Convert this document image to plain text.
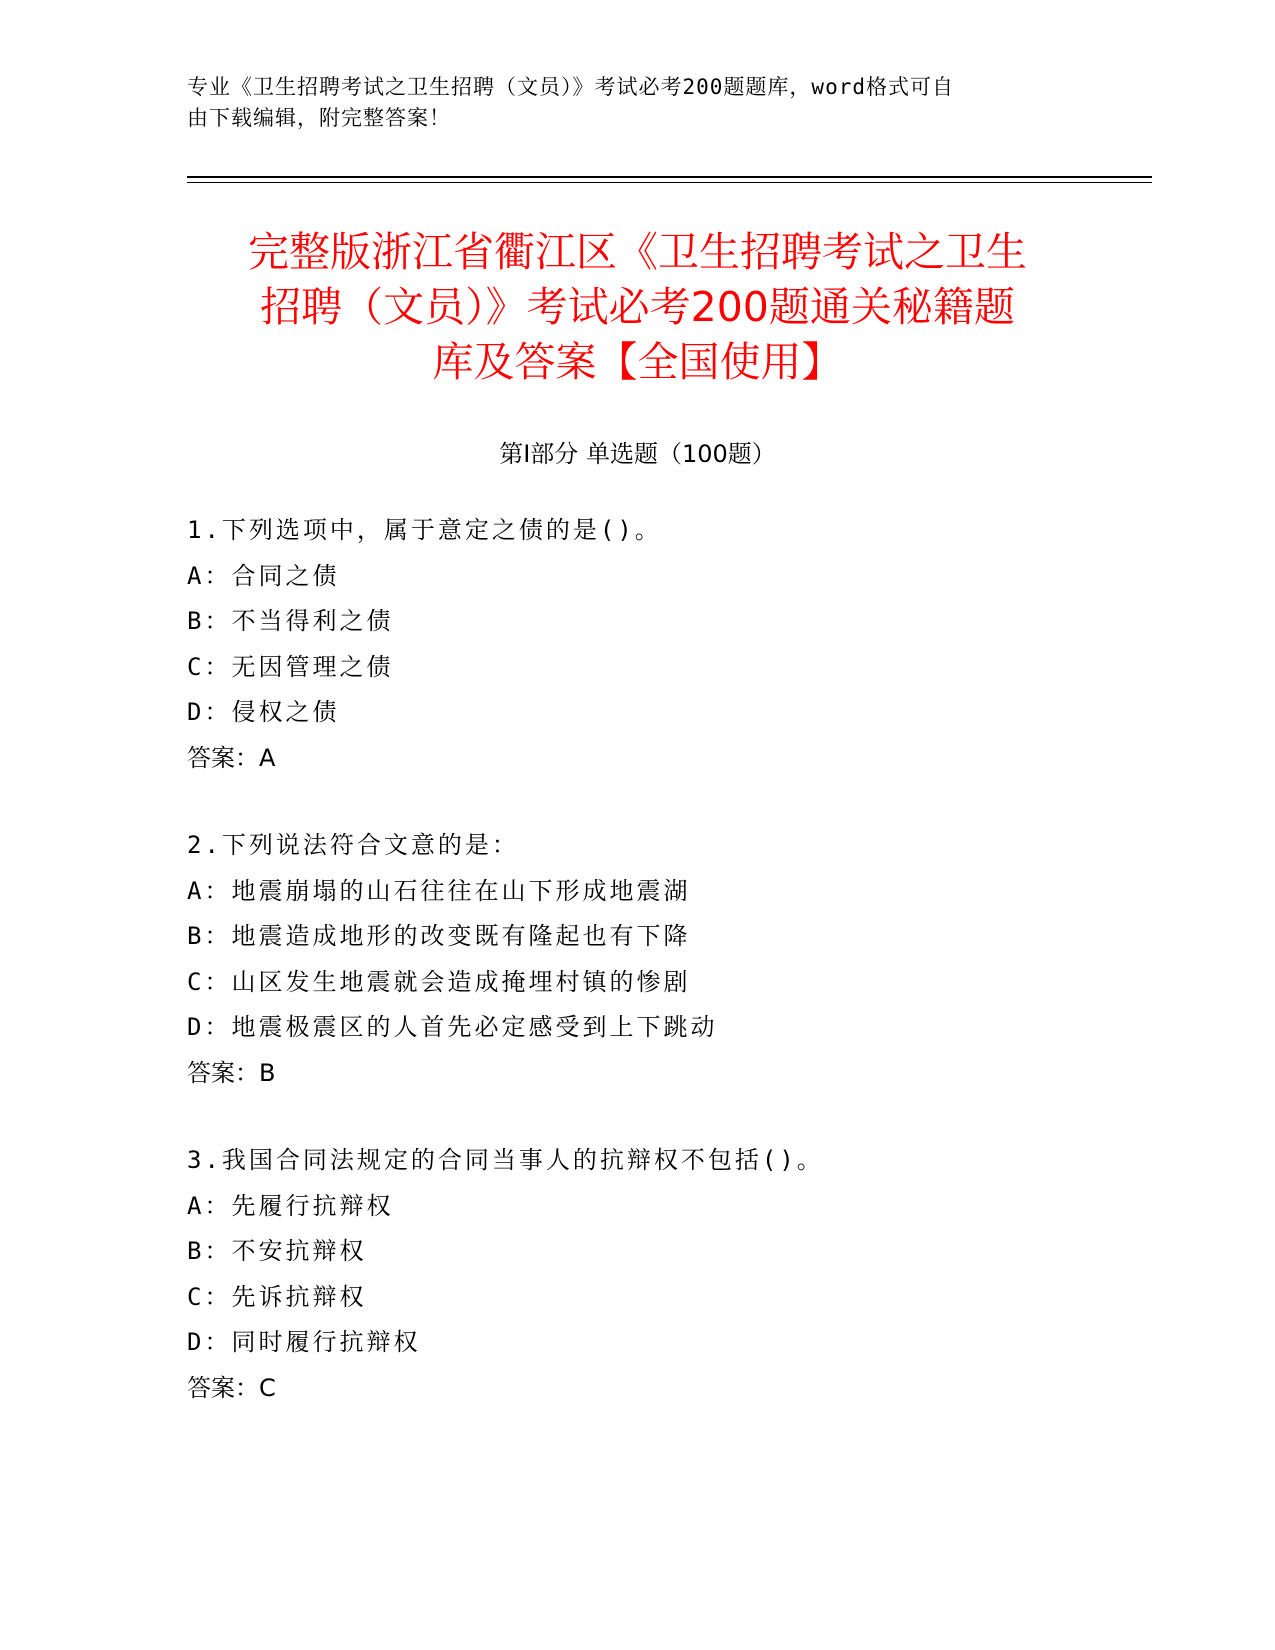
专业《卫生招聘考试之卫生招聘（文员）》考试必考200题题库，word格式可自
由下载编辑，附完整答案！
完整版浙江省衢江区《卫生招聘考试之卫生
招聘（文员）》考试必考200题通关秘籍题
库及答案【全国使用】
第Ⅰ部分 单选题（100题）
1.下列选项中，属于意定之债的是()。
A：合同之债
B：不当得利之债
C：无因管理之债
D：侵权之债
答案：A
2.下列说法符合文意的是：
A：地震崩塌的山石往往在山下形成地震湖
B：地震造成地形的改变既有隆起也有下降
C：山区发生地震就会造成掩埋村镇的惨剧
D：地震极震区的人首先必定感受到上下跳动
答案：B
3.我国合同法规定的合同当事人的抗辩权不包括()。
A：先履行抗辩权
B：不安抗辩权
C：先诉抗辩权
D：同时履行抗辩权
答案：C
